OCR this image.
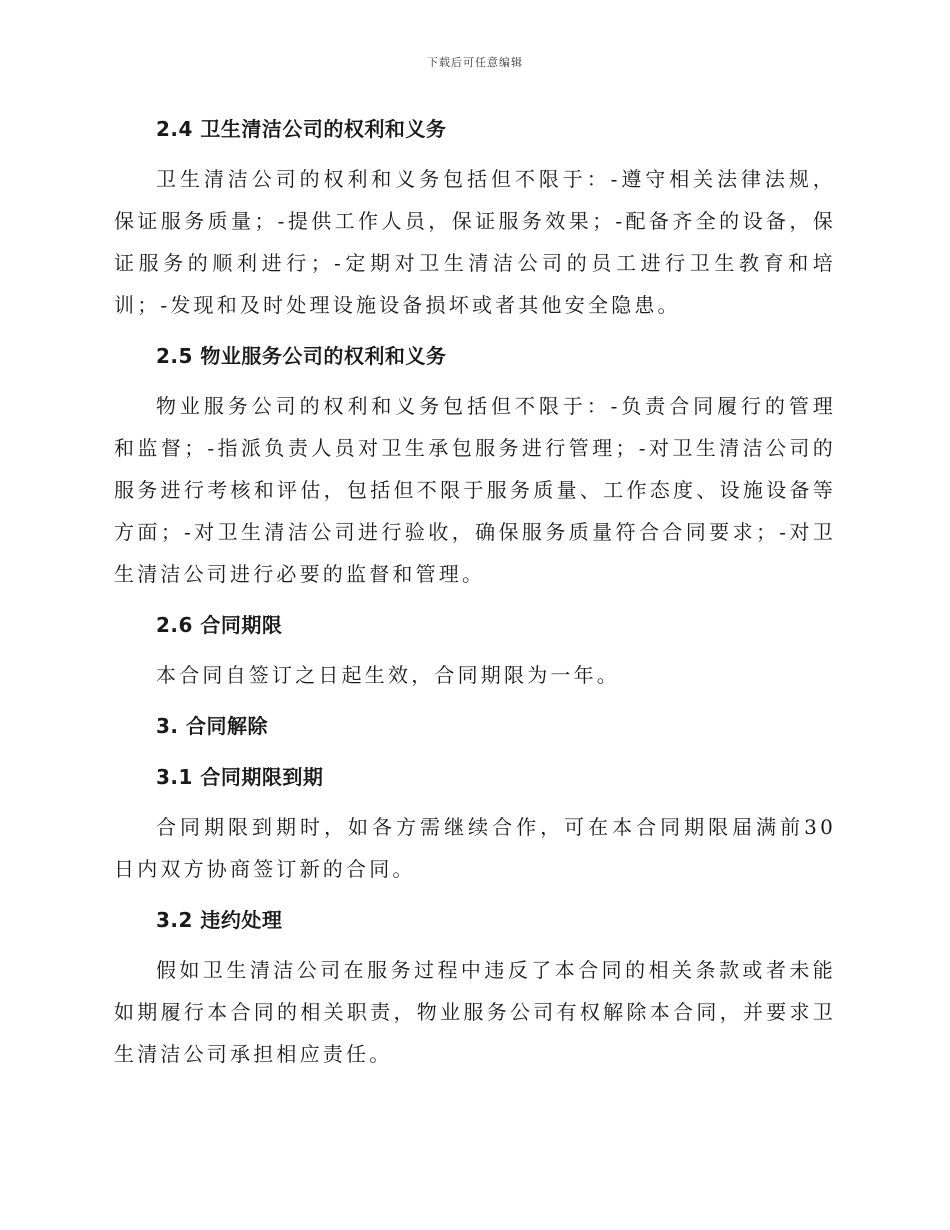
下载后可任意编辑

2.4 卫生清洁公司的权利和义务

卫生清洁公司的权利和义务包括但不限于：-遵守相关法律法规，保证服务质量；-提供工作人员，保证服务效果；-配备齐全的设备，保证服务的顺利进行；-定期对卫生清洁公司的员工进行卫生教育和培训；-发现和及时处理设施设备损坏或者其他安全隐患。

2.5 物业服务公司的权利和义务

物业服务公司的权利和义务包括但不限于：-负责合同履行的管理和监督；-指派负责人员对卫生承包服务进行管理；-对卫生清洁公司的服务进行考核和评估，包括但不限于服务质量、工作态度、设施设备等方面；-对卫生清洁公司进行验收，确保服务质量符合合同要求；-对卫生清洁公司进行必要的监督和管理。

2.6 合同期限

本合同自签订之日起生效，合同期限为一年。

3. 合同解除

3.1 合同期限到期

合同期限到期时，如各方需继续合作，可在本合同期限届满前30日内双方协商签订新的合同。

3.2 违约处理

假如卫生清洁公司在服务过程中违反了本合同的相关条款或者未能如期履行本合同的相关职责，物业服务公司有权解除本合同，并要求卫生清洁公司承担相应责任。
